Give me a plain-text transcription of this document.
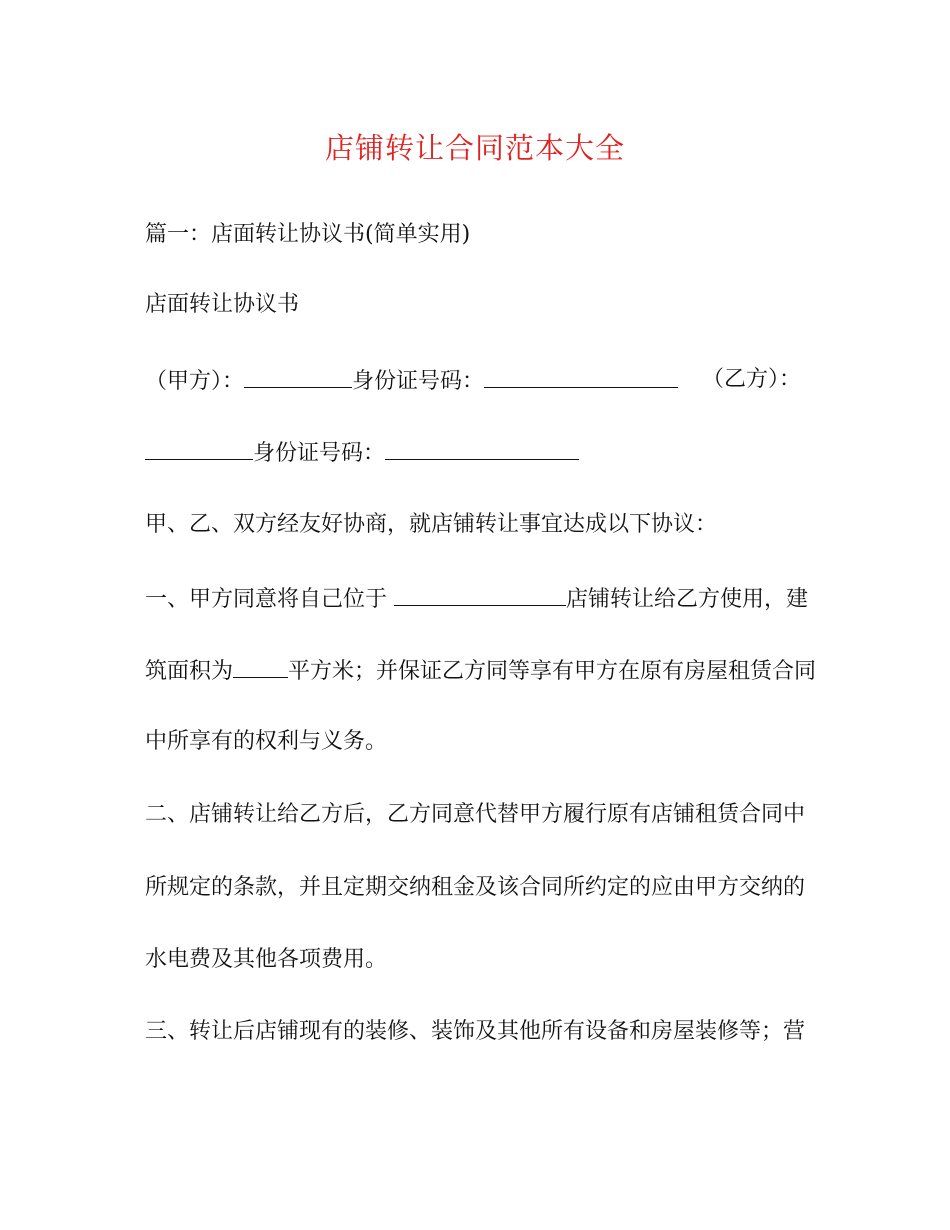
店铺转让合同范本大全
篇一：店面转让协议书(简单实用)
店面转让协议书
（甲方）：	身份证号码：	（乙方）：
身份证号码：
甲、乙、双方经友好协商，就店铺转让事宜达成以下协议：
一、甲方同意将自己位于	店铺转让给乙方使用，建
筑面积为	平方米；并保证乙方同等享有甲方在原有房屋租赁合同
中所享有的权利与义务。
二、店铺转让给乙方后，乙方同意代替甲方履行原有店铺租赁合同中
所规定的条款，并且定期交纳租金及该合同所约定的应由甲方交纳的
水电费及其他各项费用。
三、转让后店铺现有的装修、装饰及其他所有设备和房屋装修等；营
